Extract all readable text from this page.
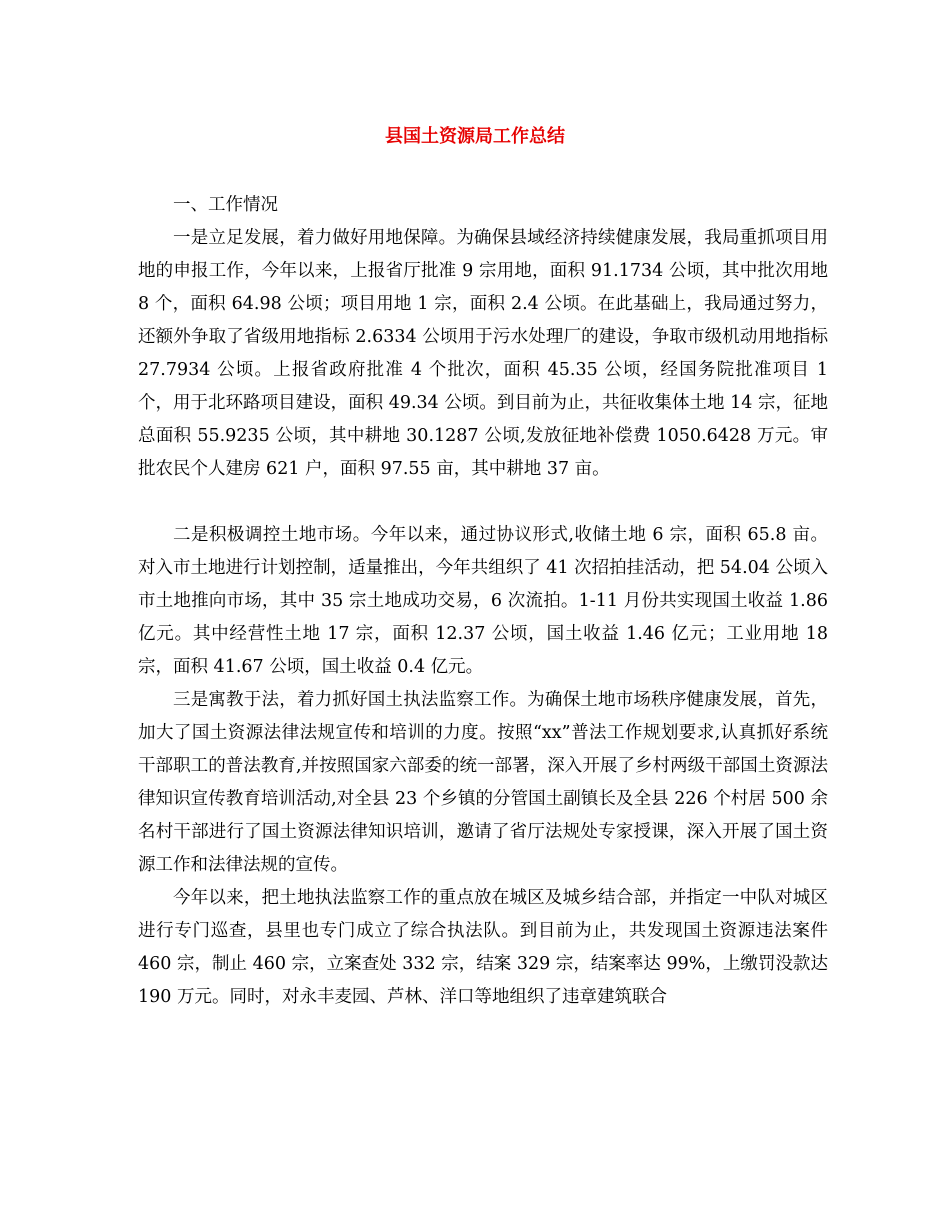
县国土资源局工作总结

一、工作情况

一是立足发展，着力做好用地保障。为确保县域经济持续健康发展，我局重抓项目用地的申报工作，今年以来，上报省厅批准 9 宗用地，面积 91.1734 公顷，其中批次用地 8 个，面积 64.98 公顷；项目用地 1 宗，面积 2.4 公顷。在此基础上，我局通过努力，还额外争取了省级用地指标 2.6334 公顷用于污水处理厂的建设，争取市级机动用地指标 27.7934 公顷。上报省政府批准 4 个批次，面积 45.35 公顷，经国务院批准项目 1 个，用于北环路项目建设，面积 49.34 公顷。到目前为止，共征收集体土地 14 宗，征地总面积 55.9235 公顷，其中耕地 30.1287 公顷,发放征地补偿费 1050.6428 万元。审批农民个人建房 621 户，面积 97.55 亩，其中耕地 37 亩。

二是积极调控土地市场。今年以来，通过协议形式,收储土地 6 宗，面积 65.8 亩。对入市土地进行计划控制，适量推出，今年共组织了 41 次招拍挂活动，把 54.04 公顷入市土地推向市场，其中 35 宗土地成功交易，6 次流拍。1-11 月份共实现国土收益 1.86 亿元。其中经营性土地 17 宗，面积 12.37 公顷，国土收益 1.46 亿元；工业用地 18 宗，面积 41.67 公顷，国土收益 0.4 亿元。

三是寓教于法，着力抓好国土执法监察工作。为确保土地市场秩序健康发展，首先，加大了国土资源法律法规宣传和培训的力度。按照“xx”普法工作规划要求,认真抓好系统干部职工的普法教育,并按照国家六部委的统一部署，深入开展了乡村两级干部国土资源法律知识宣传教育培训活动,对全县 23 个乡镇的分管国土副镇长及全县 226 个村居 500 余名村干部进行了国土资源法律知识培训，邀请了省厅法规处专家授课，深入开展了国土资源工作和法律法规的宣传。

今年以来，把土地执法监察工作的重点放在城区及城乡结合部，并指定一中队对城区进行专门巡查，县里也专门成立了综合执法队。到目前为止，共发现国土资源违法案件 460 宗，制止 460 宗，立案查处 332 宗，结案 329 宗，结案率达 99%，上缴罚没款达 190 万元。同时，对永丰麦园、芦林、洋口等地组织了违章建筑联合
